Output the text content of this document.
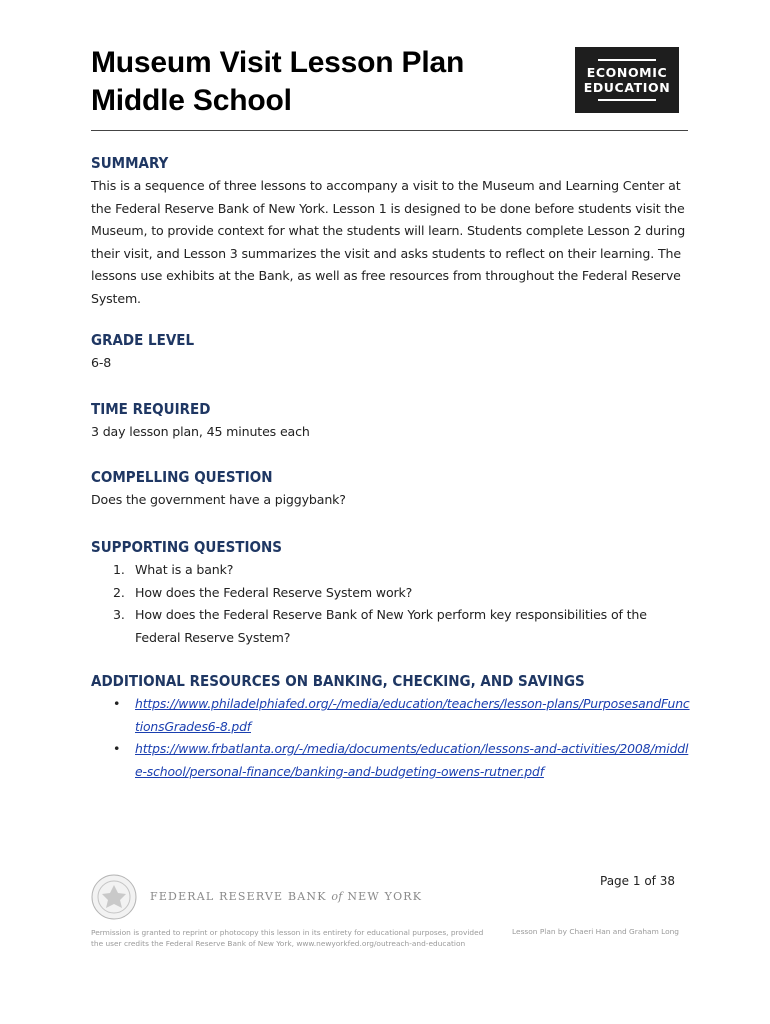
Museum Visit Lesson Plan
Middle School
ECONOMIC
EDUCATION
SUMMARY
This is a sequence of three lessons to accompany a visit to the Museum and Learning Center at the Federal Reserve Bank of New York. Lesson 1 is designed to be done before students visit the Museum, to provide context for what the students will learn. Students complete Lesson 2 during their visit, and Lesson 3 summarizes the visit and asks students to reflect on their learning. The lessons use exhibits at the Bank, as well as free resources from throughout the Federal Reserve System.
GRADE LEVEL
6-8
TIME REQUIRED
3 day lesson plan, 45 minutes each
COMPELLING QUESTION
Does the government have a piggybank?
SUPPORTING QUESTIONS
1. What is a bank?
2. How does the Federal Reserve System work?
3. How does the Federal Reserve Bank of New York perform key responsibilities of the Federal Reserve System?
ADDITIONAL RESOURCES ON BANKING, CHECKING, AND SAVINGS
• https://www.philadelphiafed.org/-/media/education/teachers/lesson-plans/PurposesandFunctionsGrades6-8.pdf
• https://www.frbatlanta.org/-/media/documents/education/lessons-and-activities/2008/middle-school/personal-finance/banking-and-budgeting-owens-rutner.pdf
Page 1 of 38
FEDERAL RESERVE BANK of NEW YORK
Permission is granted to reprint or photocopy this lesson in its entirety for educational purposes, provided the user credits the Federal Reserve Bank of New York, www.newyorkfed.org/outreach-and-education
Lesson Plan by Chaeri Han and Graham Long
